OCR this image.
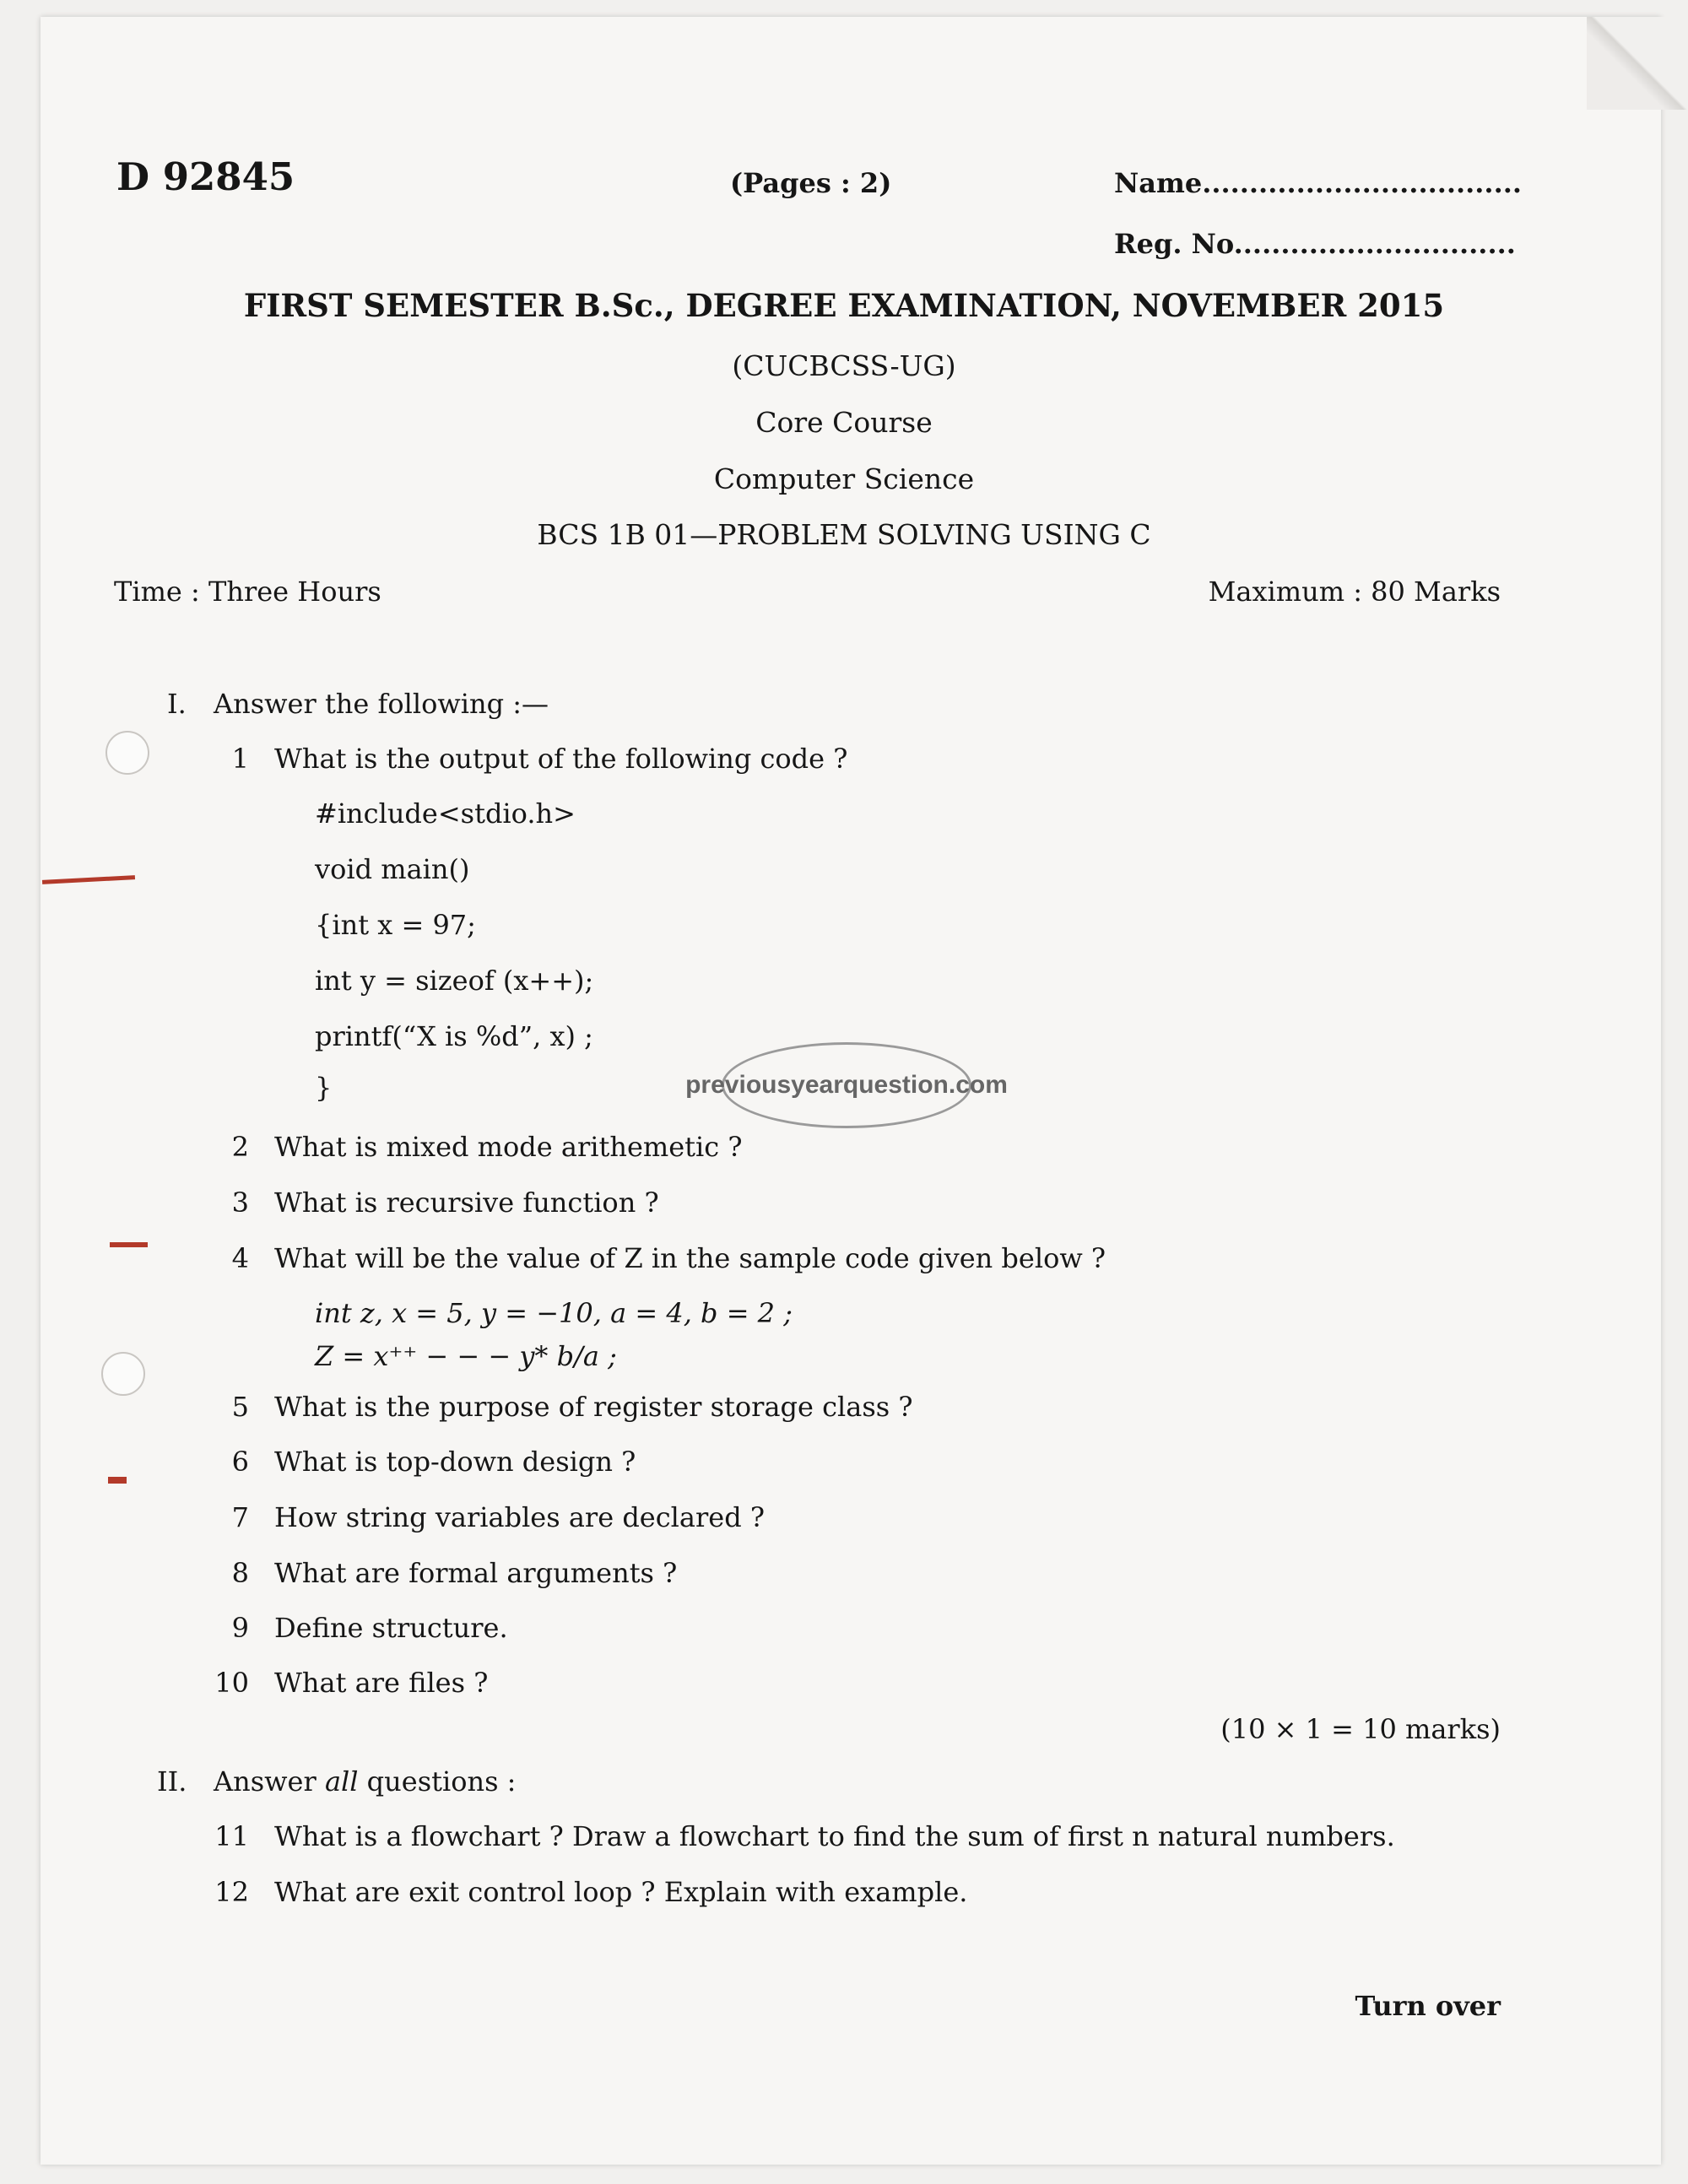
D 92845	(Pages : 2)	Name..................................
Reg. No..............................
FIRST SEMESTER B.Sc., DEGREE EXAMINATION, NOVEMBER 2015
(CUCBCSS-UG)
Core Course
Computer Science
BCS 1B 01—PROBLEM SOLVING USING C
Time : Three Hours	Maximum : 80 Marks
I. Answer the following :—
1 What is the output of the following code ?
#include<stdio.h>
void main()
{int x = 97;
int y = sizeof (x++);
printf(“X is %d”, x) ;
}
2 What is mixed mode arithemetic ?
3 What is recursive function ?
4 What will be the value of Z in the sample code given below ?
int z, x = 5, y = −10, a = 4, b = 2 ;
Z = x⁺⁺ − − − y* b/a ;
5 What is the purpose of register storage class ?
6 What is top-down design ?
7 How string variables are declared ?
8 What are formal arguments ?
9 Define structure.
10 What are files ?
(10 × 1 = 10 marks)
II. Answer all questions :
11 What is a flowchart ? Draw a flowchart to find the sum of first n natural numbers.
12 What are exit control loop ? Explain with example.
Turn over
previousyearquestion.com
